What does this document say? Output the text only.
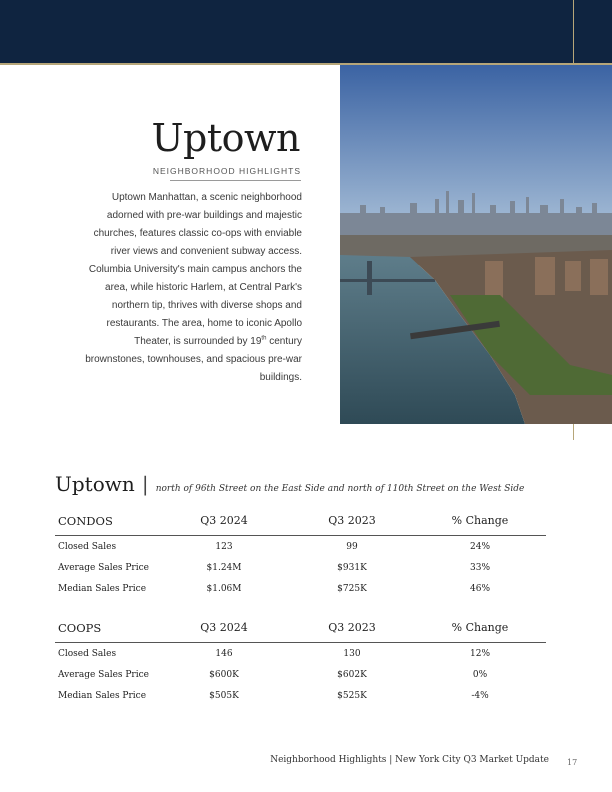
Uptown
NEIGHBORHOOD HIGHLIGHTS
Uptown Manhattan, a scenic neighborhood adorned with pre-war buildings and majestic churches, features classic co-ops with enviable river views and convenient subway access. Columbia University's main campus anchors the area, while historic Harlem, at Central Park's northern tip, thrives with diverse shops and restaurants. The area, home to iconic Apollo Theater, is surrounded by 19th century brownstones, townhouses, and spacious pre-war buildings.
Uptown | north of 96th Street on the East Side and north of 110th Street on the West Side
CONDOS	Q3 2024	Q3 2023	% Change
Closed Sales	123	99	24%
Average Sales Price	$1.24M	$931K	33%
Median Sales Price	$1.06M	$725K	46%
COOPS	Q3 2024	Q3 2023	% Change
Closed Sales	146	130	12%
Average Sales Price	$600K	$602K	0%
Median Sales Price	$505K	$525K	-4%
Neighborhood Highlights | New York City Q3 Market Update 17
